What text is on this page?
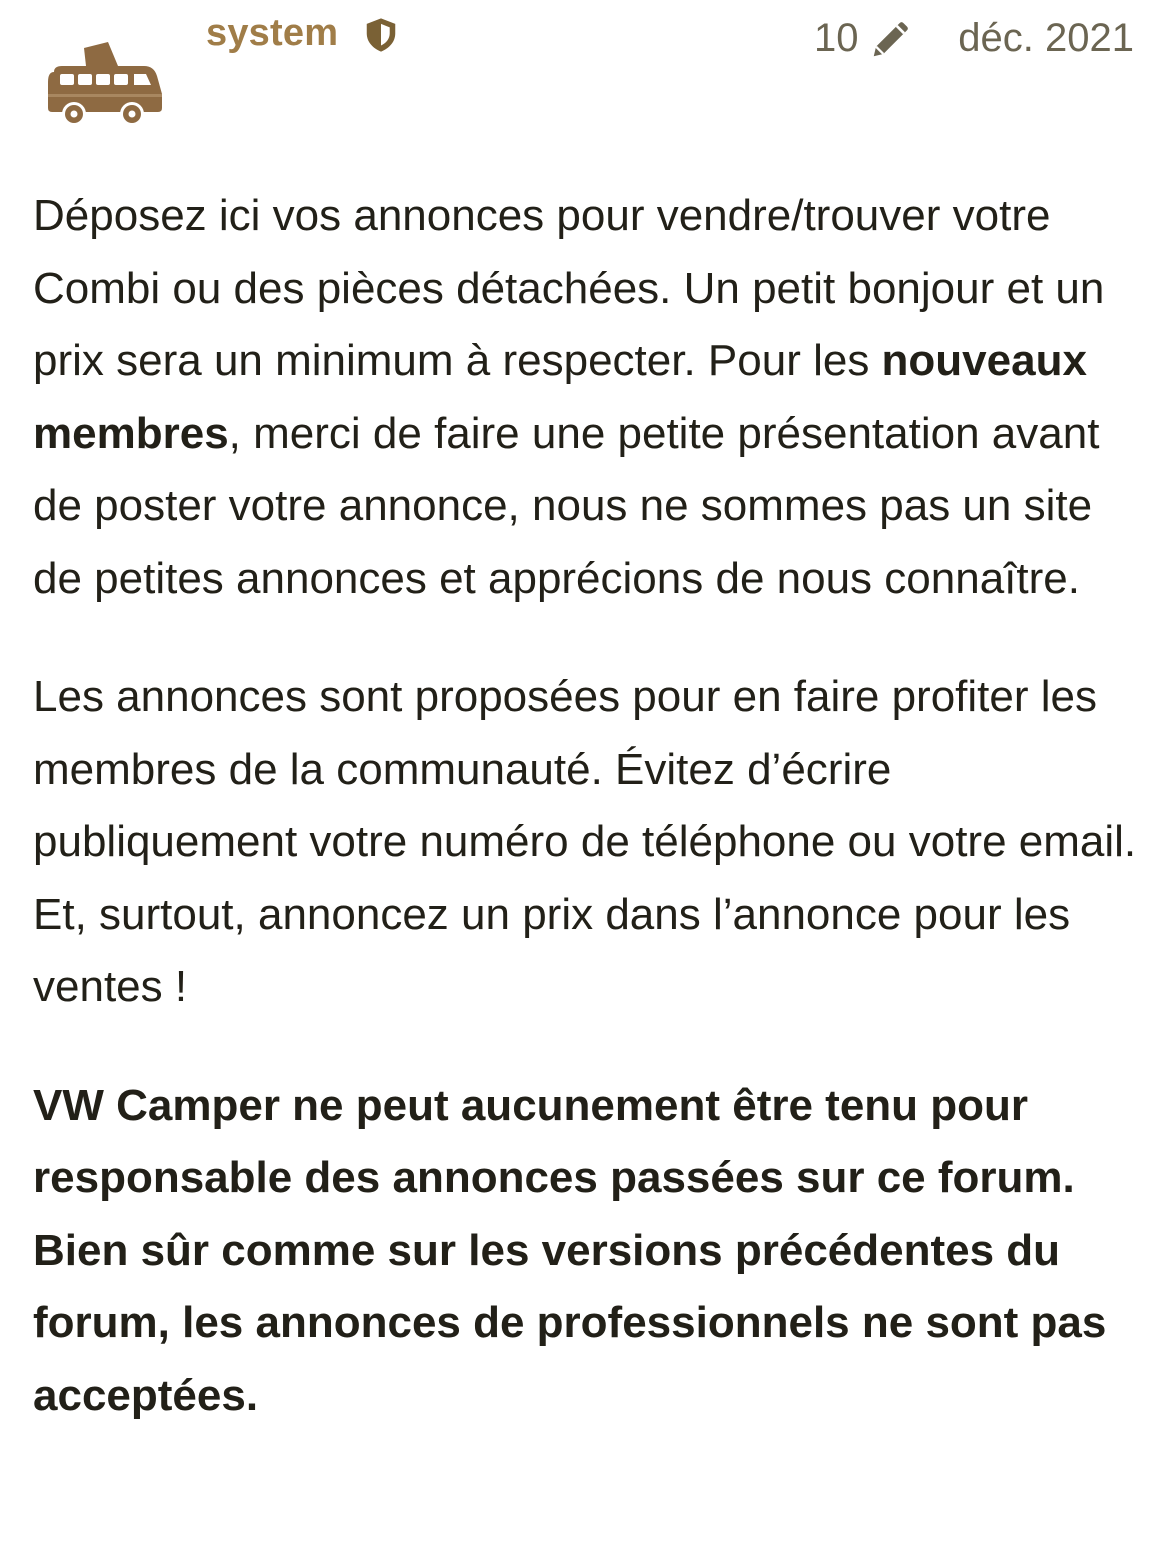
system	10 déc. 2021

Déposez ici vos annonces pour vendre/trouver votre Combi ou des pièces détachées. Un petit bonjour et un prix sera un minimum à respecter. Pour les nouveaux membres, merci de faire une petite présentation avant de poster votre annonce, nous ne sommes pas un site de petites annonces et apprécions de nous connaître.

Les annonces sont proposées pour en faire profiter les membres de la communauté. Évitez d’écrire publiquement votre numéro de téléphone ou votre email. Et, surtout, annoncez un prix dans l’annonce pour les ventes !

VW Camper ne peut aucunement être tenu pour responsable des annonces passées sur ce forum. Bien sûr comme sur les versions précédentes du forum, les annonces de professionnels ne sont pas acceptées.
